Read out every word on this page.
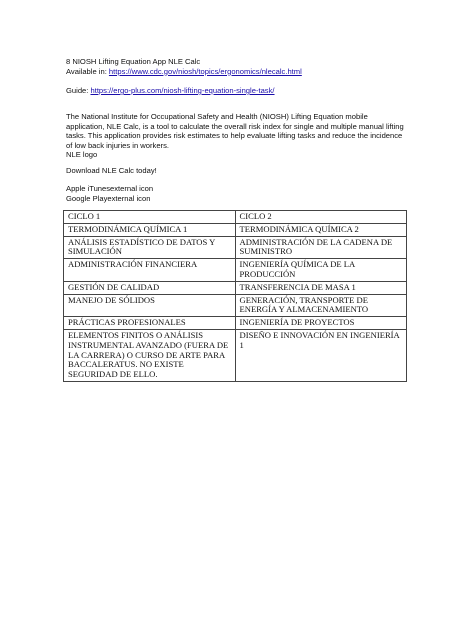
8 NIOSH Lifting Equation App NLE Calc
Available in: https://www.cdc.gov/niosh/topics/ergonomics/nlecalc.html
Guide: https://ergo-plus.com/niosh-lifting-equation-single-task/
The National Institute for Occupational Safety and Health (NIOSH) Lifting Equation mobile application, NLE Calc, is a tool to calculate the overall risk index for single and multiple manual lifting tasks. This application provides risk estimates to help evaluate lifting tasks and reduce the incidence of low back injuries in workers.
NLE logo
Download NLE Calc today!
Apple iTunesexternal icon
Google Playexternal icon
CICLO 1	CICLO 2
TERMODINÁMICA QUÍMICA 1	TERMODINÁMICA QUÍMICA 2
ANÁLISIS ESTADÍSTICO DE DATOS Y SIMULACIÓN	ADMINISTRACIÓN DE LA CADENA DE SUMINISTRO
ADMINISTRACIÓN FINANCIERA	INGENIERÍA QUÍMICA DE LA PRODUCCIÓN
GESTIÓN DE CALIDAD	TRANSFERENCIA DE MASA 1
MANEJO DE SÓLIDOS	GENERACIÓN, TRANSPORTE DE ENERGÍA Y ALMACENAMIENTO
PRÁCTICAS PROFESIONALES	INGENIERÍA DE PROYECTOS
ELEMENTOS FINITOS O ANÁLISIS INSTRUMENTAL AVANZADO (FUERA DE LA CARRERA) O CURSO DE ARTE PARA BACCALERATUS. NO EXISTE SEGURIDAD DE ELLO.	DISEÑO E INNOVACIÓN EN INGENIERÍA 1
